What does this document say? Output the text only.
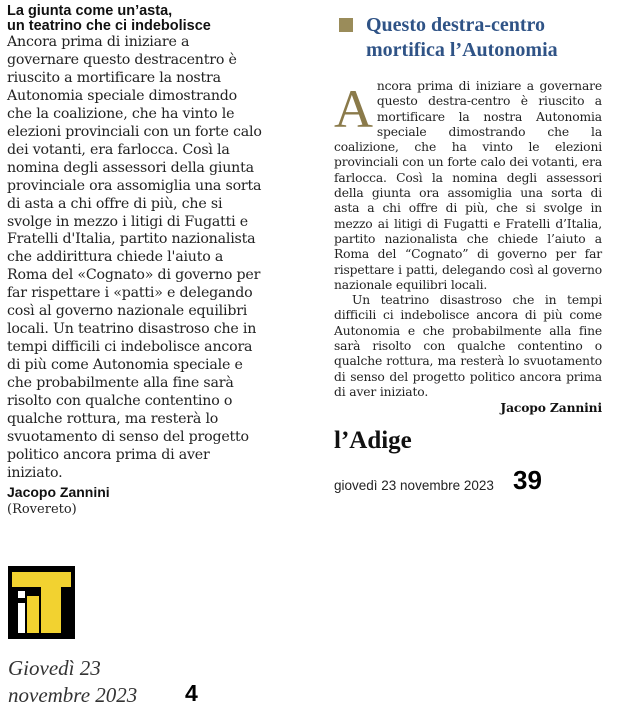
La giunta come un’asta,
un teatrino che ci indebolisce

Ancora prima di iniziare a governare questo destracentro è riuscito a mortificare la nostra Autonomia speciale dimostrando che la coalizione, che ha vinto le elezioni provinciali con un forte calo dei votanti, era farlocca. Così la nomina degli assessori della giunta provinciale ora assomiglia una sorta di asta a chi offre di più, che si svolge in mezzo i litigi di Fugatti e Fratelli d'Italia, partito nazionalista che addirittura chiede l'aiuto a Roma del «Cognato» di governo per far rispettare i «patti» e delegando così al governo nazionale equilibri locali. Un teatrino disastroso che in tempi difficili ci indebolisce ancora di più come Autonomia speciale e che probabilmente alla fine sarà risolto con qualche contentino o qualche rottura, ma resterà lo svuotamento di senso del progetto politico ancora prima di aver iniziato.

Jacopo Zannini
(Rovereto)
Giovedì 23
novembre 2023 4
Questo destra-centro
mortifica l’Autonomia
A ncora prima di iniziare a governare questo destra-centro è riuscito a mortificare la nostra Autonomia speciale dimostrando che la coalizione, che ha vinto le elezioni provinciali con un forte calo dei votanti, era farlocca. Così la nomina degli assessori della giunta ora assomiglia una sorta di asta a chi offre di più, che si svolge in mezzo ai litigi di Fugatti e Fratelli d’Italia, partito nazionalista che chiede l’aiuto a Roma del “Cognato” di governo per far rispettare i patti, delegando così al governo nazionale equilibri locali.

Un teatrino disastroso che in tempi difficili ci indebolisce ancora di più come Autonomia e che probabilmente alla fine sarà risolto con qualche contentino o qualche rottura, ma resterà lo svuotamento di senso del progetto politico ancora prima di aver iniziato.

Jacopo Zannini
l’Adige
giovedì 23 novembre 2023 39
